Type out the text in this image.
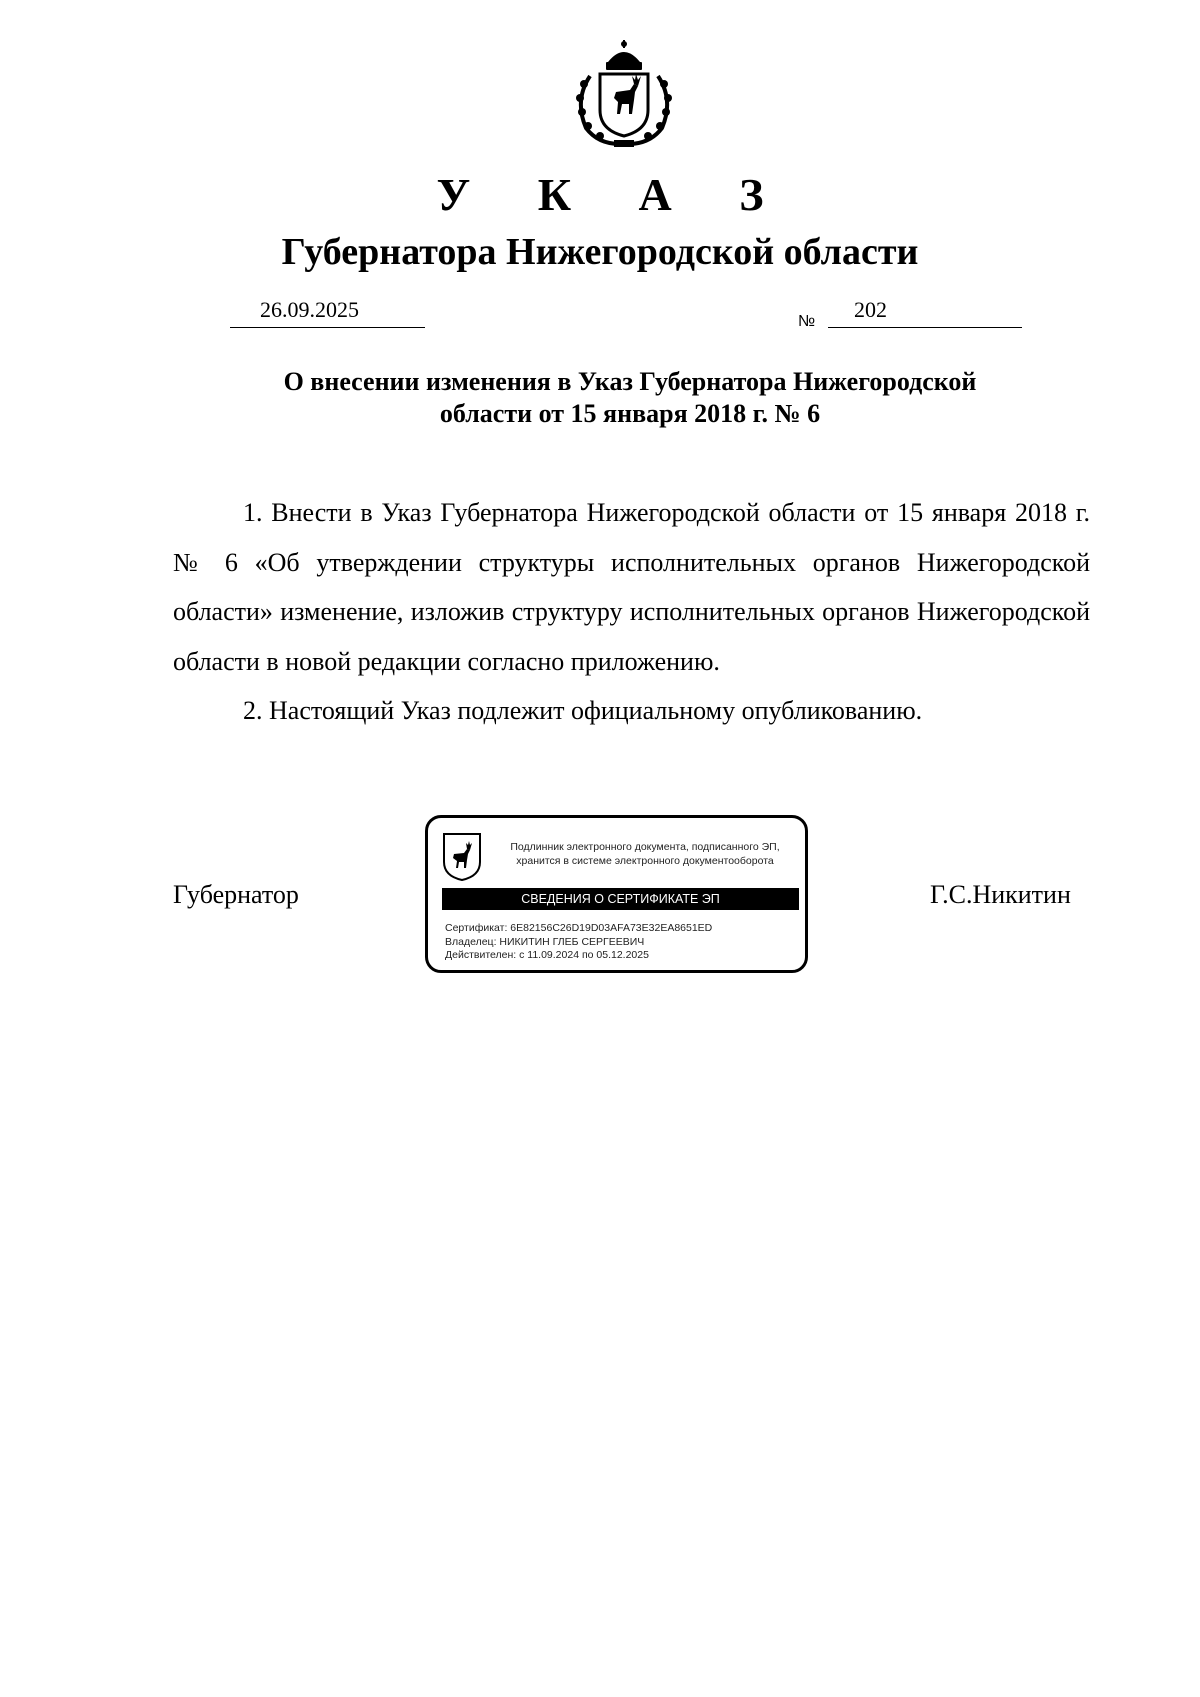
У К А З
Губернатора Нижегородской области
26.09.2025	№ 202
О внесении изменения в Указ Губернатора Нижегородской
области от 15 января 2018 г. № 6

1. Внести в Указ Губернатора Нижегородской области от 15 января 2018 г. № 6 «Об утверждении структуры исполнительных органов Нижегородской области» изменение, изложив структуру исполнительных органов Нижегородской области в новой редакции согласно приложению.

2. Настоящий Указ подлежит официальному опубликованию.

Губернатор
Подлинник электронного документа, подписанного ЭП,
хранится в системе электронного документооборота
СВЕДЕНИЯ О СЕРТИФИКАТЕ ЭП
Сертификат: 6E82156C26D19D03AFA73E32EA8651ED
Владелец: НИКИТИН ГЛЕБ СЕРГЕЕВИЧ
Действителен: с 11.09.2024 по 05.12.2025
Г.С.Никитин
